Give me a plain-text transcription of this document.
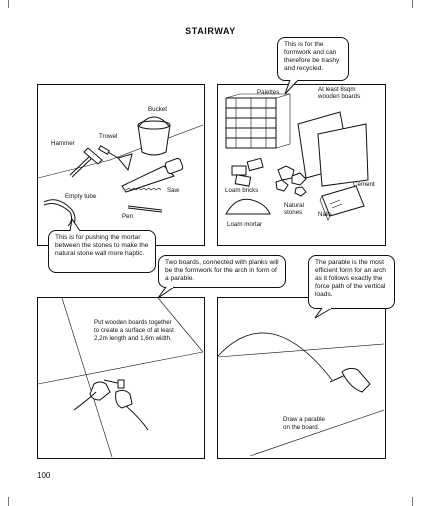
STAIRWAY
Bucket
Trowel
Hammer
Saw
Empty tube
Pen
This is for pushing the mortar between the stones to make the natural stone wall more haptic.
Palettes	At least 8sqm wooden boards
Loam bricks
Cement
Natural stones	Nails
Loam mortar
This is for the formwork and can therefore be trashy and recycled.
Put wooden boards together to create a surface of at least 2,2m length and 1,6m width.
Two boards, connected with planks will be the formwork for the arch in form of a parable.
Draw a parable on the board.
The parable is the most efficient form for an arch as it follows exactly the force path of the vertical loads.
100
